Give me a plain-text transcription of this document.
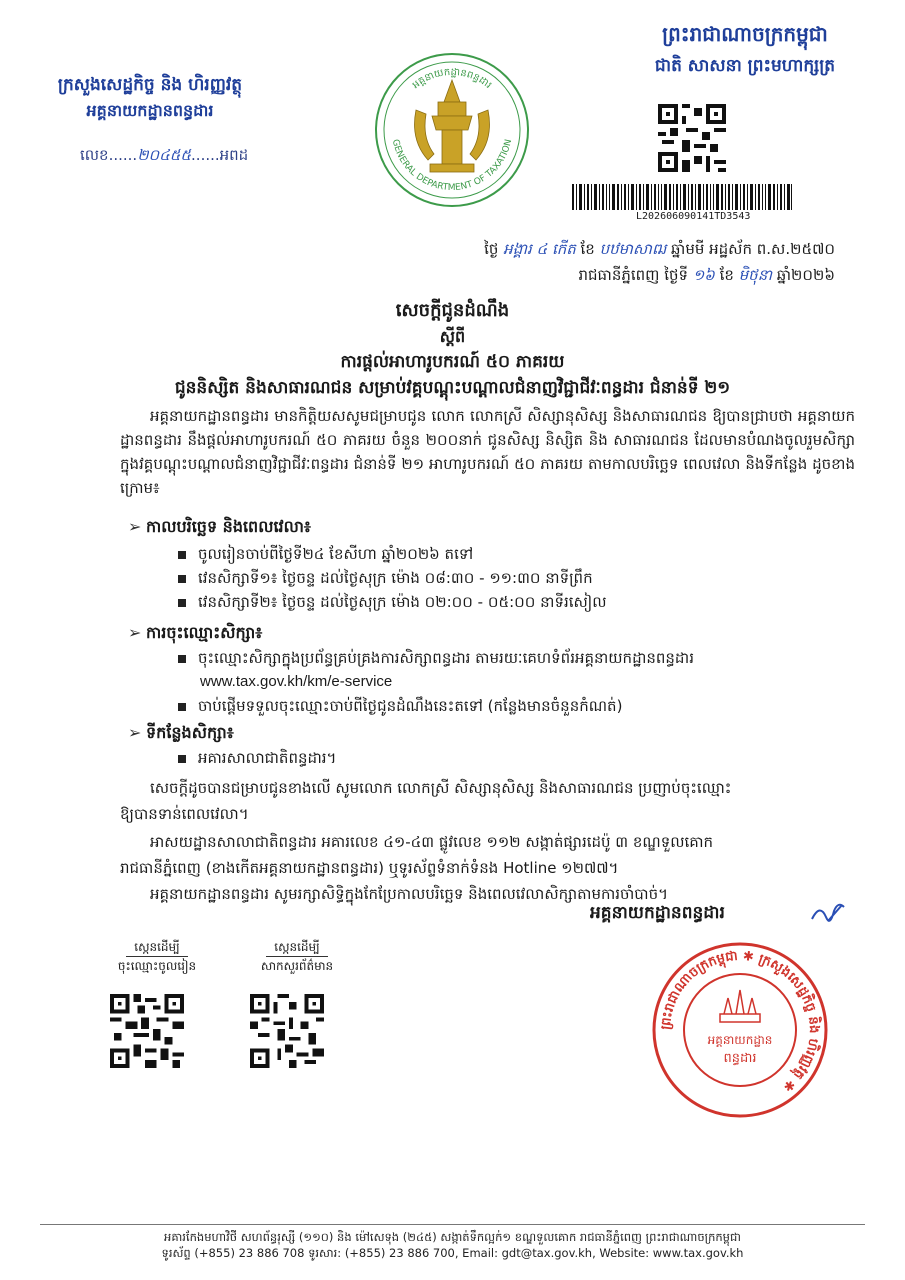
ក្រសួងសេដ្ឋកិច្ច និង ហិរញ្ញវត្ថុ
អគ្គនាយកដ្ឋានពន្ធដារ
លេខ......២០៤៥៥......អពដ
GENERAL DEPARTMENT OF TAXATION
អគ្គនាយកដ្ឋានពន្ធដារ
ព្រះរាជាណាចក្រកម្ពុជា
ជាតិ សាសនា ព្រះមហាក្សត្រ
L202606090141TD3543
ថ្ងៃ អង្គារ ៤ កើត ខែ បឋមាសាឍ ឆ្នាំមមី អដ្ឋស័ក ព.ស.២៥៧០
រាជធានីភ្នំពេញ ថ្ងៃទី ១៦ ខែ មិថុនា ឆ្នាំ២០២៦
សេចក្តីជូនដំណឹង
ស្តីពី
ការផ្តល់អាហារូបករណ៍ ៥០ ភាគរយ
ជូននិស្សិត និងសាធារណជន សម្រាប់វគ្គបណ្តុះបណ្តាលជំនាញវិជ្ជាជីវៈពន្ធដារ ជំនាន់ទី ២១
អគ្គនាយកដ្ឋានពន្ធដារ មានកិត្តិយសសូមជម្រាបជូន លោក លោកស្រី សិស្សានុសិស្ស និងសាធារណជន ឱ្យបានជ្រាបថា អគ្គនាយកដ្ឋានពន្ធដារ នឹងផ្តល់អាហារូបករណ៍ ៥០ ភាគរយ ចំនួន ២០០នាក់ ជូនសិស្ស និស្សិត និង សាធារណជន ដែលមានបំណងចូលរួមសិក្សាក្នុងវគ្គបណ្តុះបណ្តាលជំនាញវិជ្ជាជីវៈពន្ធដារ ជំនាន់ទី ២១ អាហារូបករណ៍ ៥០ ភាគរយ តាមកាលបរិច្ឆេទ ពេលវេលា និងទីកន្លែង ដូចខាងក្រោម៖
➢ កាលបរិច្ឆេទ និងពេលវេលា៖
ចូលរៀនចាប់ពីថ្ងៃទី២៤ ខែសីហា ឆ្នាំ២០២៦ តទៅ
វេនសិក្សាទី១៖ ថ្ងៃចន្ទ ដល់ថ្ងៃសុក្រ ម៉ោង ០៨:៣០ - ១១:៣០ នាទីព្រឹក
វេនសិក្សាទី២៖ ថ្ងៃចន្ទ ដល់ថ្ងៃសុក្រ ម៉ោង ០២:០០ - ០៥:០០ នាទីរសៀល
➢ ការចុះឈ្មោះសិក្សា៖
ចុះឈ្មោះសិក្សាក្នុងប្រព័ន្ធគ្រប់គ្រងការសិក្សាពន្ធដារ តាមរយៈគេហទំព័រអគ្គនាយកដ្ឋានពន្ធដារ
www.tax.gov.kh/km/e-service
ចាប់ផ្តើមទទួលចុះឈ្មោះចាប់ពីថ្ងៃជូនដំណឹងនេះតទៅ (កន្លែងមានចំនួនកំណត់)
➢ ទីកន្លែងសិក្សា៖
អគារសាលាជាតិពន្ធដារ។
សេចក្តីដូចបានជម្រាបជូនខាងលើ សូមលោក លោកស្រី សិស្សានុសិស្ស និងសាធារណជន ប្រញាប់ចុះឈ្មោះ
ឱ្យបានទាន់ពេលវេលា។
អាសយដ្ឋានសាលាជាតិពន្ធដារ អគារលេខ ៤១-៤៣ ផ្លូវលេខ ១១២ សង្កាត់ផ្សារដេប៉ូ ៣ ខណ្ឌទួលគោក
រាជធានីភ្នំពេញ (ខាងកើតអគ្គនាយកដ្ឋានពន្ធដារ) ឬទូរស័ព្ទទំនាក់ទំនង Hotline ១២៧៧។
អគ្គនាយកដ្ឋានពន្ធដារ សូមរក្សាសិទ្ធិក្នុងកែប្រែកាលបរិច្ឆេទ និងពេលវេលាសិក្សាតាមការចាំបាច់។
អគ្គនាយកដ្ឋានពន្ធដារ
ព្រះរាជាណាចក្រកម្ពុជា ✱ ក្រសួងសេដ្ឋកិច្ច និង ហិរញ្ញវត្ថុ ✱
អគ្គនាយកដ្ឋាន
ពន្ធដារ
ស្កេនដើម្បី
ចុះឈ្មោះចូលរៀន
ស្កេនដើម្បី
សាកសួរព័ត៌មាន
អគារកែងមហាវិថី សហព័ន្ធរុស្សី (១១០) និង ម៉ៅសេទុង (២៤៥) សង្កាត់ទឹកល្អក់១ ខណ្ឌទួលគោក រាជធានីភ្នំពេញ ព្រះរាជាណាចក្រកម្ពុជា
ទូរស័ព្ទ (+855) 23 886 708 ទូរសារ: (+855) 23 886 700, Email: gdt@tax.gov.kh, Website: www.tax.gov.kh
